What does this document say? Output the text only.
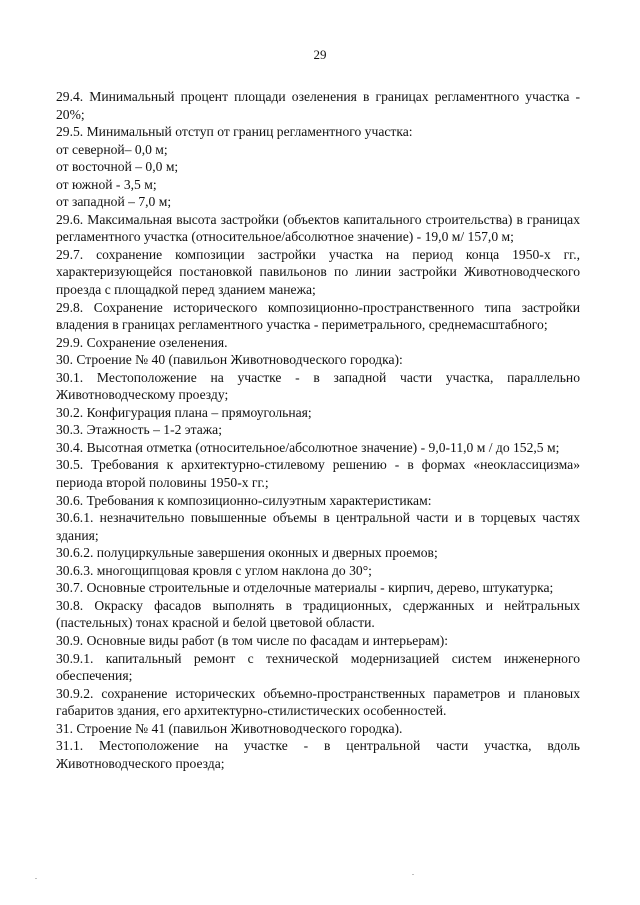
29

29.4. Минимальный процент площади озеленения в границах регламентного участка - 20%;

29.5. Минимальный отступ от границ регламентного участка:

от северной– 0,0 м;

от восточной – 0,0 м;

от южной - 3,5 м;

от западной – 7,0 м;

29.6. Максимальная высота застройки (объектов капитального строительства) в границах регламентного участка (относительное/абсолютное значение) - 19,0 м/ 157,0 м;

29.7. сохранение композиции застройки участка на период конца 1950-х гг., характеризующейся постановкой павильонов по линии застройки Животноводческого проезда с площадкой перед зданием манежа;

29.8. Сохранение исторического композиционно-пространственного типа застройки владения в границах регламентного участка - периметрального, среднемасштабного;

29.9. Сохранение озеленения.

30. Строение № 40 (павильон Животноводческого городка):

30.1. Местоположение на участке - в западной части участка, параллельно Животноводческому проезду;

30.2. Конфигурация плана – прямоугольная;

30.3. Этажность – 1-2 этажа;

30.4. Высотная отметка (относительное/абсолютное значение) - 9,0-11,0 м / до 152,5 м;

30.5. Требования к архитектурно-стилевому решению - в формах «неоклассицизма» периода второй половины 1950-х гг.;

30.6. Требования к композиционно-силуэтным характеристикам:

30.6.1. незначительно повышенные объемы в центральной части и в торцевых частях здания;

30.6.2. полуциркульные завершения оконных и дверных проемов;

30.6.3. многощипцовая кровля с углом наклона до 30°;

30.7. Основные строительные и отделочные материалы - кирпич, дерево, штукатурка;

30.8. Окраску фасадов выполнять в традиционных, сдержанных и нейтральных (пастельных) тонах красной и белой цветовой области.

30.9. Основные виды работ (в том числе по фасадам и интерьерам):

30.9.1. капитальный ремонт с технической модернизацией систем инженерного обеспечения;

30.9.2. сохранение исторических объемно-пространственных параметров и плановых габаритов здания, его архитектурно-стилистических особенностей.

31. Строение № 41 (павильон Животноводческого городка).

31.1. Местоположение на участке - в центральной части участка, вдоль Животноводческого проезда;

.	.
